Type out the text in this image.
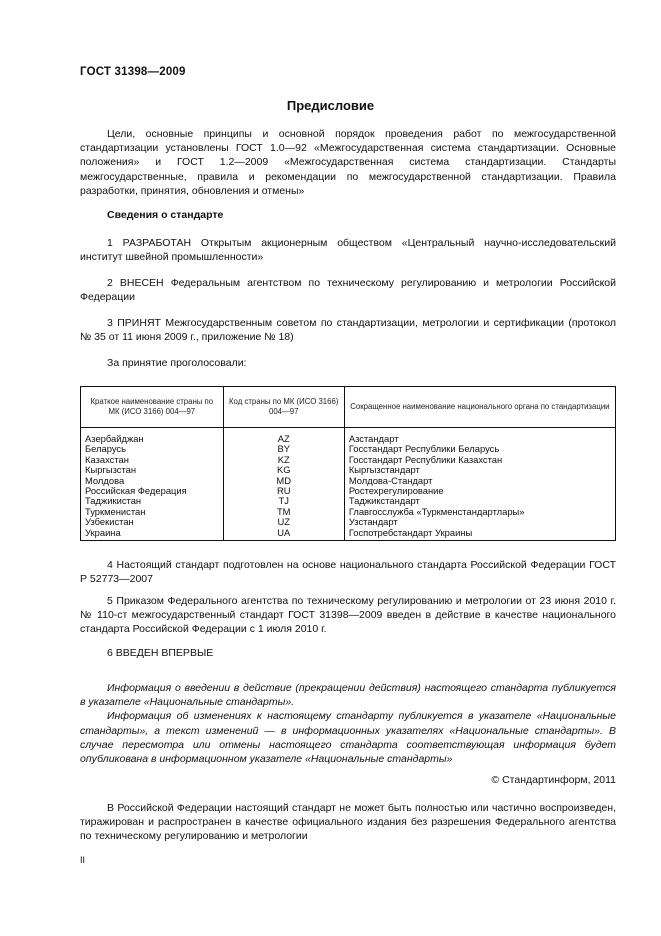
ГОСТ 31398—2009
Предисловие

Цели, основные принципы и основной порядок проведения работ по межгосударственной стандартизации установлены ГОСТ 1.0—92 «Межгосударственная система стандартизации. Основные положения» и ГОСТ 1.2—2009 «Межгосударственная система стандартизации. Стандарты межгосударственные, правила и рекомендации по межгосударственной стандартизации. Правила разработки, принятия, обновления и отмены»

Сведения о стандарте

1 РАЗРАБОТАН Открытым акционерным обществом «Центральный научно-исследовательский институт швейной промышленности»

2 ВНЕСЕН Федеральным агентством по техническому регулированию и метрологии Российской Федерации

3 ПРИНЯТ Межгосударственным советом по стандартизации, метрологии и сертификации (протокол № 35 от 11 июня 2009 г., приложение № 18)

За принятие проголосовали:

Краткое наименование страны по МК (ИСО 3166) 004—97	Код страны по МК (ИСО 3166) 004—97	Сокращенное наименование национального органа по стандартизации
Азербайджан	AZ	Азстандарт
Беларусь	BY	Госстандарт Республики Беларусь
Казахстан	KZ	Госстандарт Республики Казахстан
Кыргызстан	KG	Кыргызстандарт
Молдова	MD	Молдова-Стандарт
Российская Федерация	RU	Ростехрегулирование
Таджикистан	TJ	Таджикстандарт
Туркменистан	TM	Главгосслужба «Туркменстандартлары»
Узбекистан	UZ	Узстандарт
Украина	UA	Госпотребстандарт Украины

4 Настоящий стандарт подготовлен на основе национального стандарта Российской Федерации ГОСТ Р 52773—2007

5 Приказом Федерального агентства по техническому регулированию и метрологии от 23 июня 2010 г. № 110-ст межгосударственный стандарт ГОСТ 31398—2009 введен в действие в качестве национального стандарта Российской Федерации с 1 июля 2010 г.

6 ВВЕДЕН ВПЕРВЫЕ

Информация о введении в действие (прекращении действия) настоящего стандарта публикуется в указателе «Национальные стандарты».

Информация об изменениях к настоящему стандарту публикуется в указателе «Национальные стандарты», а текст изменений — в информационных указателях «Национальные стандарты». В случае пересмотра или отмены настоящего стандарта соответствующая информация будет опубликована в информационном указателе «Национальные стандарты»

© Стандартинформ, 2011

В Российской Федерации настоящий стандарт не может быть полностью или частично воспроизведен, тиражирован и распространен в качестве официального издания без разрешения Федерального агентства по техническому регулированию и метрологии

II
